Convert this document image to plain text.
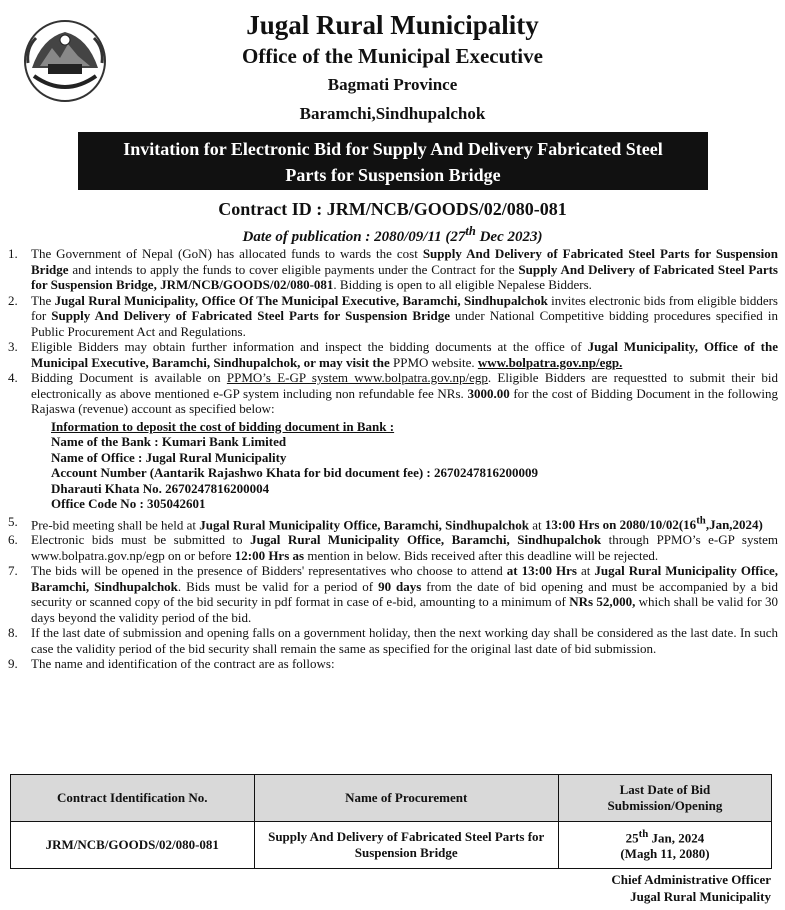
Jugal Rural Municipality
Office of the Municipal Executive
Bagmati Province
Baramchi,Sindhupalchok
Invitation for Electronic Bid for Supply And Delivery Fabricated Steel
Parts for Suspension Bridge
Contract ID : JRM/NCB/GOODS/02/080-081
Date of publication : 2080/09/11 (27th Dec 2023)
1.	The Government of Nepal (GoN) has allocated funds to wards the cost Supply And Delivery of Fabricated Steel Parts for Suspension Bridge and intends to apply the funds to cover eligible payments under the Contract for the Supply And Delivery of Fabricated Steel Parts for Suspension Bridge, JRM/NCB/GOODS/02/080-081. Bidding is open to all eligible Nepalese Bidders.
2.	The Jugal Rural Municipality, Office Of The Municipal Executive, Baramchi, Sindhupalchok invites electronic bids from eligible bidders for Supply And Delivery of Fabricated Steel Parts for Suspension Bridge under National Competitive bidding procedures specified in Public Procurement Act and Regulations.
3.	Eligible Bidders may obtain further information and inspect the bidding documents at the office of Jugal Municipality, Office of the Municipal Executive, Baramchi, Sindhupalchok, or may visit the PPMO website. www.bolpatra.gov.np/egp.
4.	Bidding Document is available on PPMO’s E-GP system www.bolpatra.gov.np/egp. Eligible Bidders are requestted to submit their bid electronically as above mentioned e-GP system including non refundable fee NRs. 3000.00 for the cost of Bidding Document in the following Rajaswa (revenue) account as specified below:
Information to deposit the cost of bidding document in Bank :
Name of the Bank : Kumari Bank Limited
Name of Office : Jugal Rural Municipality
Account Number (Aantarik Rajashwo Khata for bid document fee) : 2670247816200009
Dharauti Khata No. 2670247816200004
Office Code No : 305042601
5.	Pre-bid meeting shall be held at Jugal Rural Municipality Office, Baramchi, Sindhupalchok at 13:00 Hrs on 2080/10/02(16th,Jan,2024)
6.	Electronic bids must be submitted to Jugal Rural Municipality Office, Baramchi, Sindhupalchok through PPMO’s e-GP system www.bolpatra.gov.np/egp on or before 12:00 Hrs as mention in below. Bids received after this deadline will be rejected.
7.	The bids will be opened in the presence of Bidders' representatives who choose to attend at 13:00 Hrs at Jugal Rural Municipality Office, Baramchi, Sindhupalchok. Bids must be valid for a period of 90 days from the date of bid opening and must be accompanied by a bid security or scanned copy of the bid security in pdf format in case of e-bid, amounting to a minimum of NRs 52,000, which shall be valid for 30 days beyond the validity period of the bid.
8.	If the last date of submission and opening falls on a government holiday, then the next working day shall be considered as the last date. In such case the validity period of the bid security shall remain the same as specified for the original last date of bid submission.
9.	The name and identification of the contract are as follows:
Contract Identification No.	Name of Procurement	Last Date of Bid Submission/Opening
JRM/NCB/GOODS/02/080-081	Supply And Delivery of Fabricated Steel Parts for Suspension Bridge	25th Jan, 2024
(Magh 11, 2080)
Chief Administrative Officer
Jugal Rural Municipality
